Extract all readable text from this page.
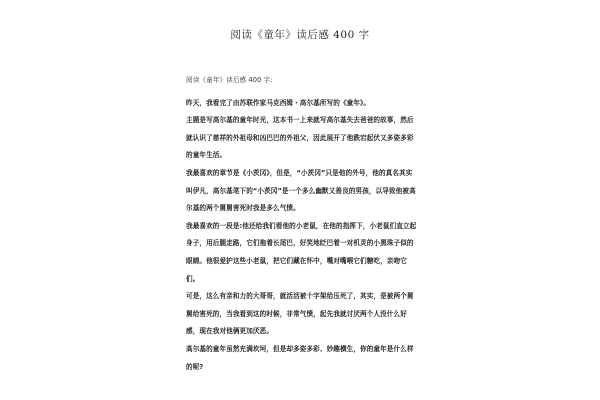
阅读《童年》读后感 400 字

阅读《童年》读后感 400 字:

昨天，我看完了由苏联作家马克西姆・高尔基所写的《童年》。

主题是写高尔基的童年时光，这本书一上来就写高尔基失去爸爸的故事，然后就认识了慈祥的外祖母和凶巴巴的外祖父，因此展开了他跌宕起伏又多姿多彩的童年生活。

我最喜欢的章节是《小茨冈》，但是，“小茨冈”只是他的外号，他的真名其实叫伊凡，高尔基笔下的“小茨冈”是一个多么幽默又善良的男孩，以导致他被高尔基的两个舅舅害死时我是多么气愤。

我最喜欢的一段是:他还给我们看他的小老鼠，在他的指挥下，小老鼠们直立起身子，用后腿走路，它们拖着长尾巴，好笑地眨巴着一对机灵的小黑珠子似的眼睛。他很爱护这些小老鼠，把它们藏在怀中，嘴对嘴喂它们糖吃，亲吻它们。

可是，这么有亲和力的大哥哥，就活活被十字架给压死了，其实，是被两个舅舅给害死的，当我看到这的时候，非常气愤，起先我就讨厌两个人没什么好感，现在我对他俩更加厌恶。

高尔基的童年虽然充满坎坷，但是却多姿多彩、妙趣横生，你的童年是什么样的呢?
